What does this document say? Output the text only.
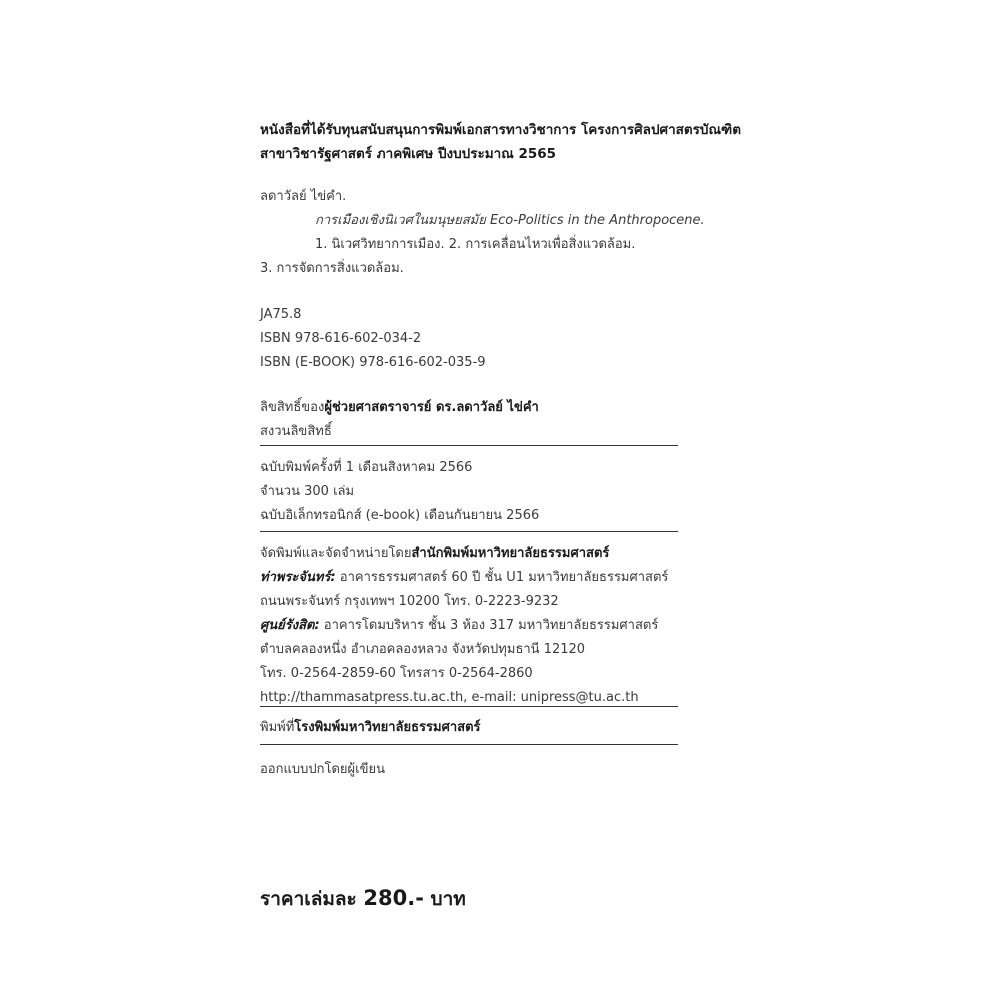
หนังสือที่ได้รับทุนสนับสนุนการพิมพ์เอกสารทางวิชาการ โครงการศิลปศาสตรบัณฑิต
สาขาวิชารัฐศาสตร์ ภาคพิเศษ ปีงบประมาณ 2565
ลดาวัลย์ ไข่คำ.
การเมืองเชิงนิเวศในมนุษยสมัย Eco-Politics in the Anthropocene.
1. นิเวศวิทยาการเมือง. 2. การเคลื่อนไหวเพื่อสิ่งแวดล้อม.
3. การจัดการสิ่งแวดล้อม.
JA75.8
ISBN 978-616-602-034-2
ISBN (E-BOOK) 978-616-602-035-9
ลิขสิทธิ์ของผู้ช่วยศาสตราจารย์ ดร.ลดาวัลย์ ไข่คำ
สงวนลิขสิทธิ์
ฉบับพิมพ์ครั้งที่ 1 เดือนสิงหาคม 2566
จำนวน 300 เล่ม
ฉบับอิเล็กทรอนิกส์ (e-book) เดือนกันยายน 2566
จัดพิมพ์และจัดจำหน่ายโดยสำนักพิมพ์มหาวิทยาลัยธรรมศาสตร์
ท่าพระจันทร์: อาคารธรรมศาสตร์ 60 ปี ชั้น U1 มหาวิทยาลัยธรรมศาสตร์
ถนนพระจันทร์ กรุงเทพฯ 10200 โทร. 0-2223-9232
ศูนย์รังสิต: อาคารโดมบริหาร ชั้น 3 ห้อง 317 มหาวิทยาลัยธรรมศาสตร์
ตำบลคลองหนึ่ง อำเภอคลองหลวง จังหวัดปทุมธานี 12120
โทร. 0-2564-2859-60 โทรสาร 0-2564-2860
http://thammasatpress.tu.ac.th, e-mail: unipress@tu.ac.th
พิมพ์ที่โรงพิมพ์มหาวิทยาลัยธรรมศาสตร์
ออกแบบปกโดยผู้เขียน
ราคาเล่มละ 280.- บาท
